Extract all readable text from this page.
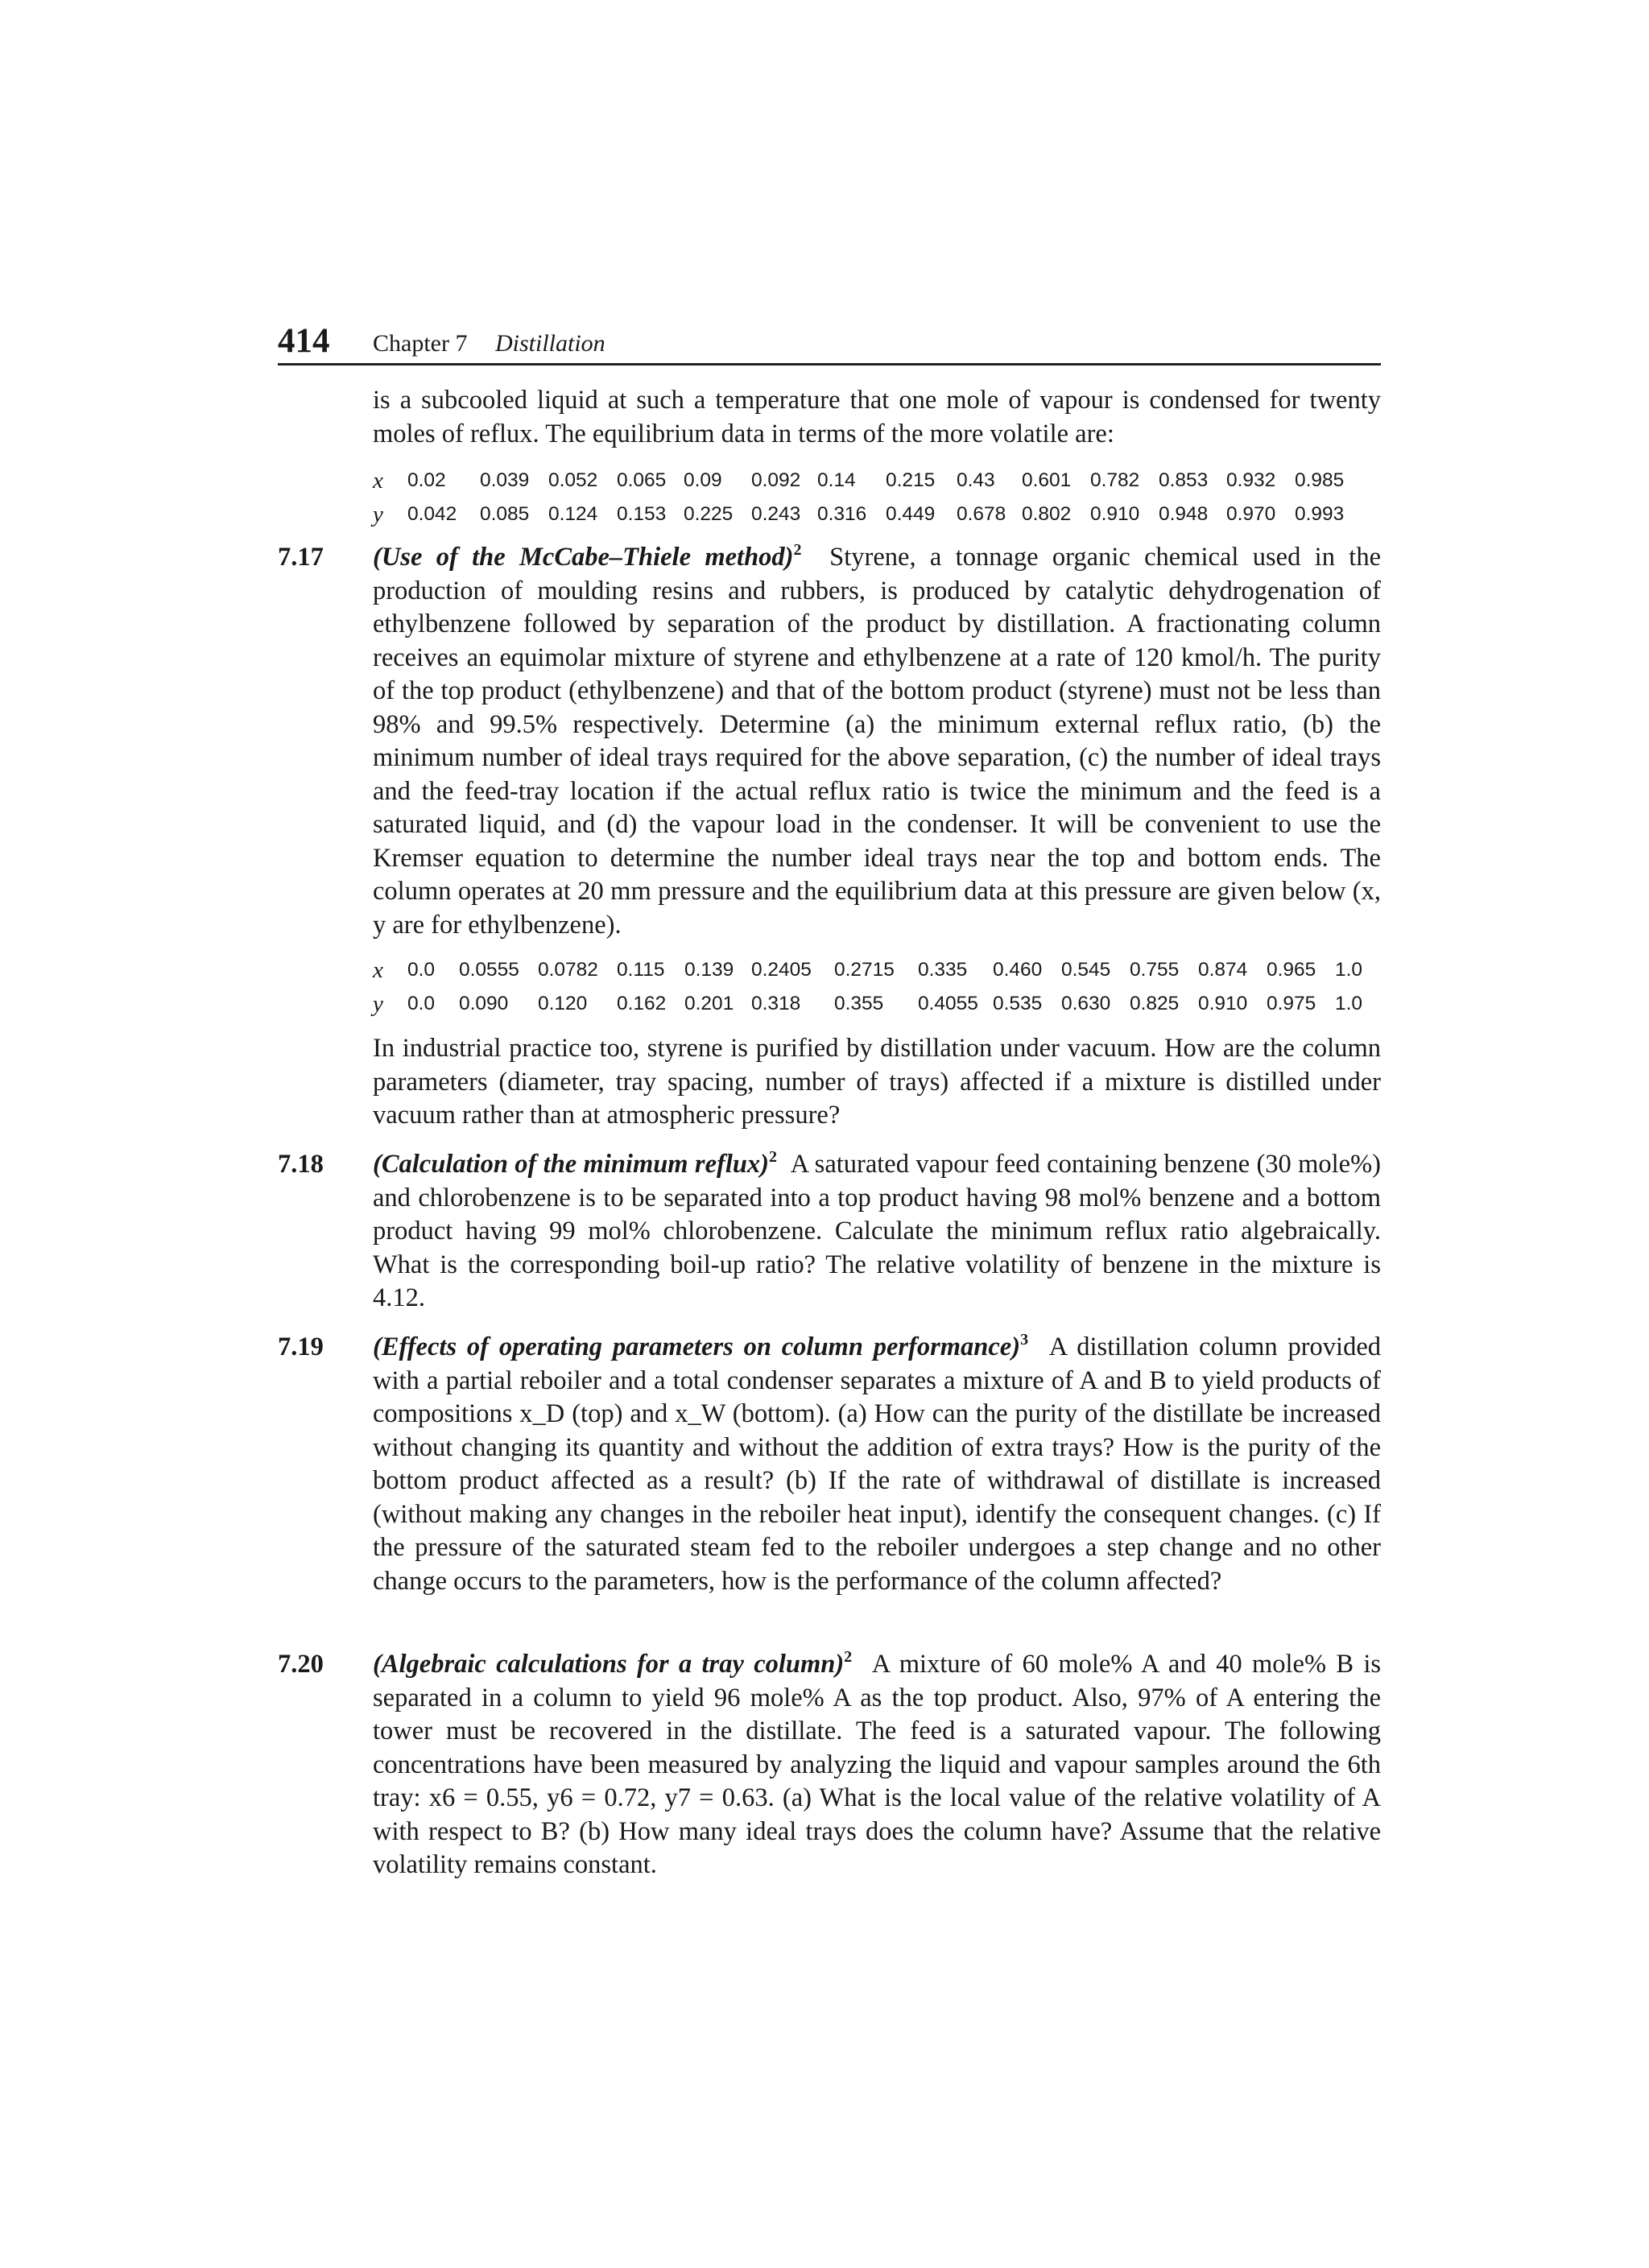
414 Chapter 7 Distillation
is a subcooled liquid at such a temperature that one mole of vapour is condensed for twenty moles of reflux. The equilibrium data in terms of the more volatile are:
x 0.02 0.039 0.052 0.065 0.09 0.092 0.14 0.215 0.43 0.601 0.782 0.853 0.932 0.985
y 0.042 0.085 0.124 0.153 0.225 0.243 0.316 0.449 0.678 0.802 0.910 0.948 0.970 0.993
7.17 (Use of the McCabe–Thiele method)$^2$ Styrene, a tonnage organic chemical used in the production of moulding resins and rubbers, is produced by catalytic dehydrogenation of ethylbenzene followed by separation of the product by distillation. A fractionating column receives an equimolar mixture of styrene and ethylbenzene at a rate of 120 kmol/h. The purity of the top product (ethylbenzene) and that of the bottom product (styrene) must not be less than 98% and 99.5% respectively. Determine (a) the minimum external reflux ratio, (b) the minimum number of ideal trays required for the above separation, (c) the number of ideal trays and the feed-tray location if the actual reflux ratio is twice the minimum and the feed is a saturated liquid, and (d) the vapour load in the condenser. It will be convenient to use the Kremser equation to determine the number ideal trays near the top and bottom ends. The column operates at 20 mm pressure and the equilibrium data at this pressure are given below (x, y are for ethylbenzene).
x 0.0 0.0555 0.0782 0.115 0.139 0.2405 0.2715 0.335 0.460 0.545 0.755 0.874 0.965 1.0
y 0.0 0.090 0.120 0.162 0.201 0.318 0.355 0.4055 0.535 0.630 0.825 0.910 0.975 1.0
In industrial practice too, styrene is purified by distillation under vacuum. How are the column parameters (diameter, tray spacing, number of trays) affected if a mixture is distilled under vacuum rather than at atmospheric pressure?
7.18 (Calculation of the minimum reflux)$^2$ A saturated vapour feed containing benzene (30 mole%) and chlorobenzene is to be separated into a top product having 98 mol% benzene and a bottom product having 99 mol% chlorobenzene. Calculate the minimum reflux ratio algebraically. What is the corresponding boil-up ratio? The relative volatility of benzene in the mixture is 4.12.
7.19 (Effects of operating parameters on column performance)$^3$ A distillation column provided with a partial reboiler and a total condenser separates a mixture of A and B to yield products of compositions x_D (top) and x_W (bottom). (a) How can the purity of the distillate be increased without changing its quantity and without the addition of extra trays? How is the purity of the bottom product affected as a result? (b) If the rate of withdrawal of distillate is increased (without making any changes in the reboiler heat input), identify the consequent changes. (c) If the pressure of the saturated steam fed to the reboiler undergoes a step change and no other change occurs to the parameters, how is the performance of the column affected?
7.20 (Algebraic calculations for a tray column)$^2$ A mixture of 60 mole% A and 40 mole% B is separated in a column to yield 96 mole% A as the top product. Also, 97% of A entering the tower must be recovered in the distillate. The feed is a saturated vapour. The following concentrations have been measured by analyzing the liquid and vapour samples around the 6th tray: x6 = 0.55, y6 = 0.72, y7 = 0.63. (a) What is the local value of the relative volatility of A with respect to B? (b) How many ideal trays does the column have? Assume that the relative volatility remains constant.
